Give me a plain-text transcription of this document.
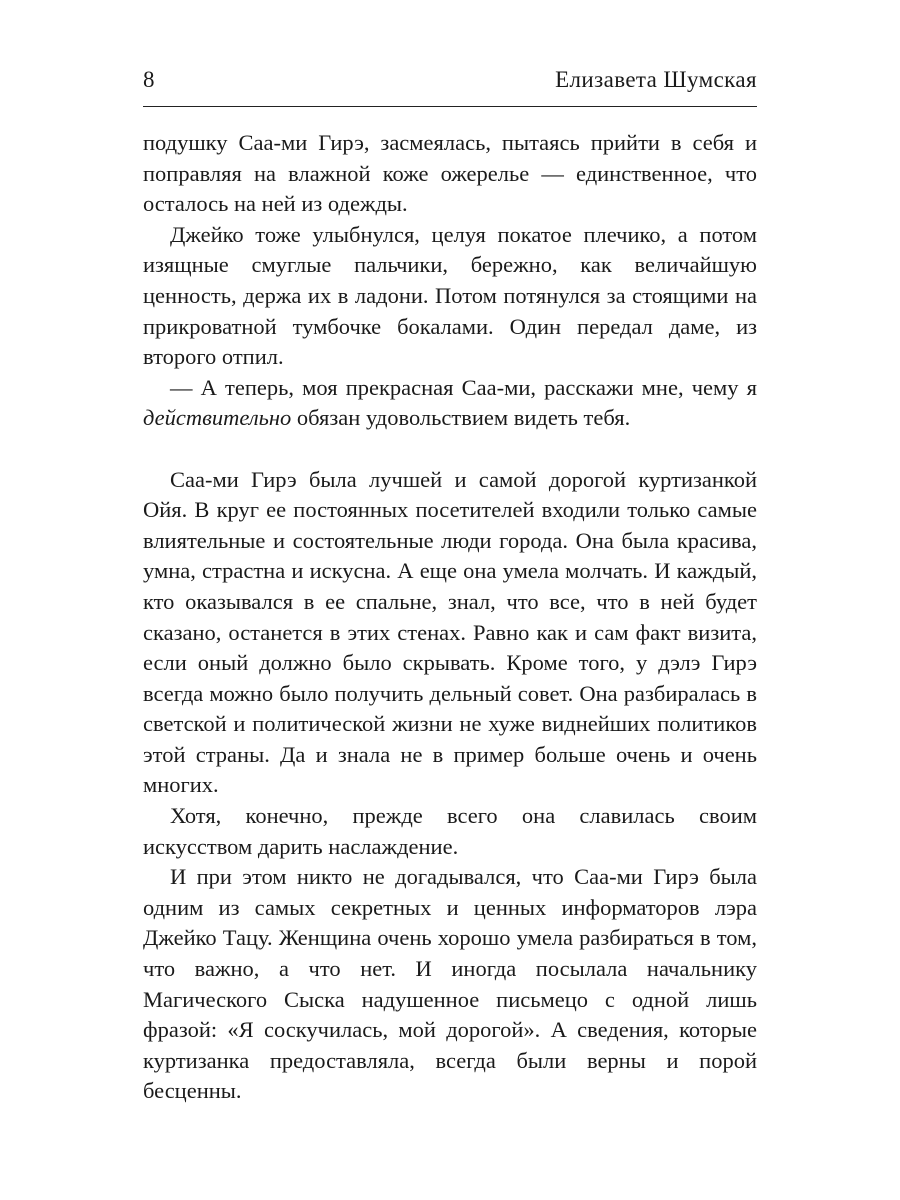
8	Елизавета Шумская

подушку Саа-ми Гирэ, засмеялась, пытаясь прийти в себя и поправляя на влажной коже ожерелье — единственное, что осталось на ней из одежды.

Джейко тоже улыбнулся, целуя покатое плечико, а потом изящные смуглые пальчики, бережно, как величайшую ценность, держа их в ладони. Потом потянулся за стоящими на прикроватной тумбочке бокалами. Один передал даме, из второго отпил.

— А теперь, моя прекрасная Саа-ми, расскажи мне, чему я действительно обязан удовольствием видеть тебя.

Саа-ми Гирэ была лучшей и самой дорогой куртизанкой Ойя. В круг ее постоянных посетителей входили только самые влиятельные и состоятельные люди города. Она была красива, умна, страстна и искусна. А еще она умела молчать. И каждый, кто оказывался в ее спальне, знал, что все, что в ней будет сказано, останется в этих стенах. Равно как и сам факт визита, если оный должно было скрывать. Кроме того, у дэлэ Гирэ всегда можно было получить дельный совет. Она разбиралась в светской и политической жизни не хуже виднейших политиков этой страны. Да и знала не в пример больше очень и очень многих.

Хотя, конечно, прежде всего она славилась своим искусством дарить наслаждение.

И при этом никто не догадывался, что Саа-ми Гирэ была одним из самых секретных и ценных информаторов лэра Джейко Тацу. Женщина очень хорошо умела разбираться в том, что важно, а что нет. И иногда посылала начальнику Магического Сыска надушенное письмецо с одной лишь фразой: «Я соскучилась, мой дорогой». А сведения, которые куртизанка предоставляла, всегда были верны и порой бесценны.
